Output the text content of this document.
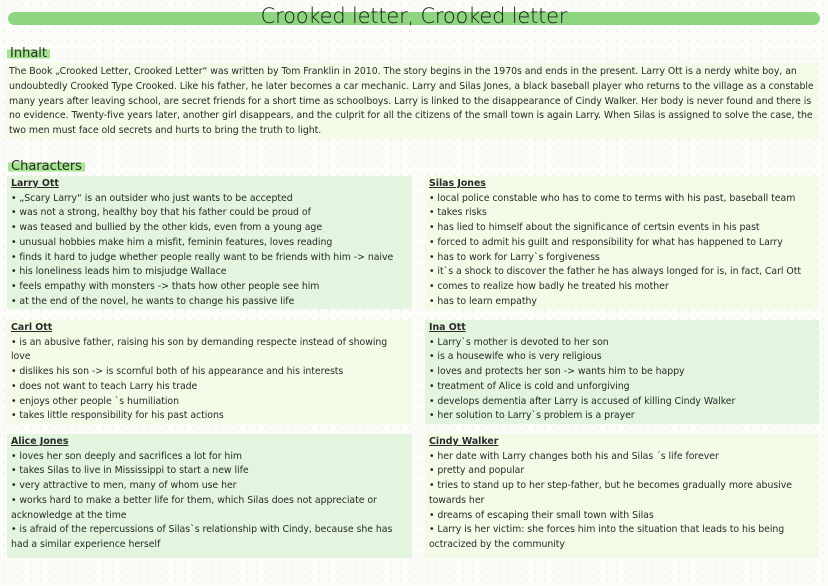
Crooked letter, Crooked letter
Inhalt
The Book „Crooked Letter, Crooked Letter“ was written by Tom Franklin in 2010. The story begins in the 1970s and ends in the present. Larry Ott is a nerdy white boy, an undoubtedly Crooked Type Crooked. Like his father, he later becomes a car mechanic. Larry and Silas Jones, a black baseball player who returns to the village as a constable many years after leaving school, are secret friends for a short time as schoolboys. Larry is linked to the disappearance of Cindy Walker. Her body is never found and there is no evidence. Twenty-five years later, another girl disappears, and the culprit for all the citizens of the small town is again Larry. When Silas is assigned to solve the case, the two men must face old secrets and hurts to bring the truth to light.
Characters
Larry Ott
• „Scary Larry“ is an outsider who just wants to be accepted
• was not a strong, healthy boy that his father could be proud of
• was teased and bullied by the other kids, even from a young age
• unusual hobbies make him a misfit, feminin features, loves reading
• finds it hard to judge whether people really want to be friends with him -> naive
• his loneliness leads him to misjudge Wallace
• feels empathy with monsters -> thats how other people see him
• at the end of the novel, he wants to change his passive life
Silas Jones
• local police constable who has to come to terms with his past, baseball team
• takes risks
• has lied to himself about the significance of certsin events in his past
• forced to admit his guilt and responsibility for what has happened to Larry
• has to work for Larry`s forgiveness
• it`s a shock to discover the father he has always longed for is, in fact, Carl Ott
• comes to realize how badly he treated his mother
• has to learn empathy
Carl Ott
• is an abusive father, raising his son by demanding respecte instead of showing love
• dislikes his son -> is scornful both of his appearance and his interests
• does not want to teach Larry his trade
• enjoys other people `s humiliation
• takes little responsibility for his past actions
Ina Ott
• Larry`s mother is devoted to her son
• is a housewife who is very religious
• loves and protects her son -> wants him to be happy
• treatment of Alice is cold and unforgiving
• develops dementia after Larry is accused of killing Cindy Walker
• her solution to Larry`s problem is a prayer
Alice Jones
• loves her son deeply and sacrifices a lot for him
• takes Silas to live in Mississippi to start a new life
• very attractive to men, many of whom use her
• works hard to make a better life for them, which Silas does not appreciate or acknowledge at the time
• is afraid of the repercussions of Silas`s relationship with Cindy, because she has had a similar experience herself
Cindy Walker
• her date with Larry changes both his and Silas ´s life forever
• pretty and popular
• tries to stand up to her step-father, but he becomes gradually more abusive towards her
• dreams of escaping their small town with Silas
• Larry is her victim: she forces him into the situation that leads to his being octracized by the community
